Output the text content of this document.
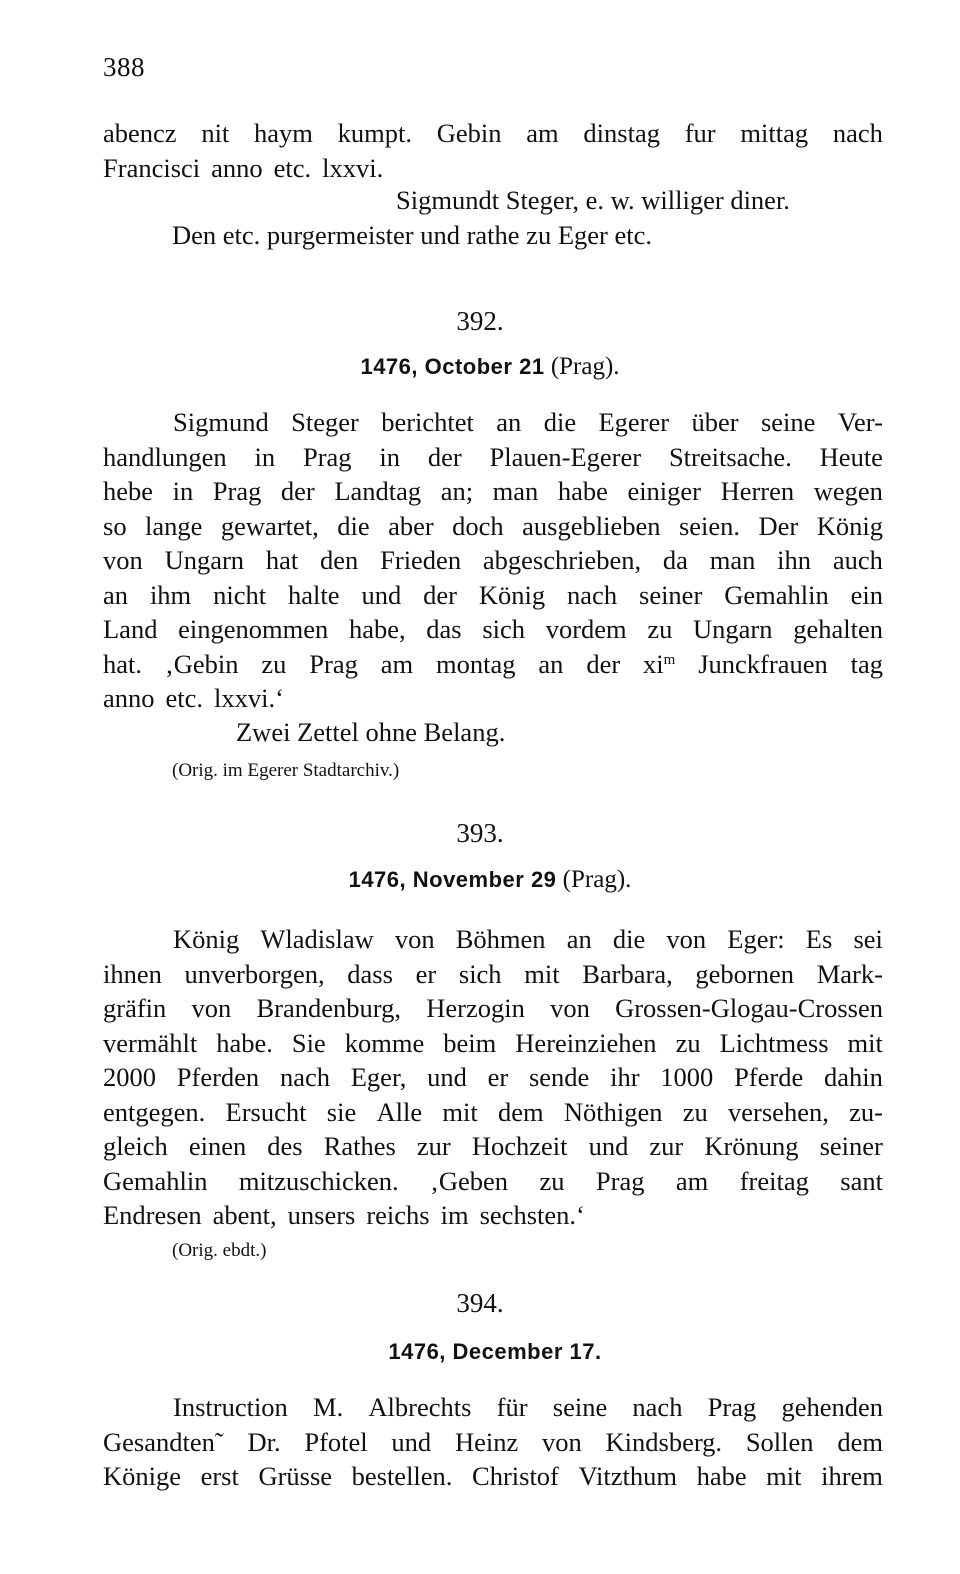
388
abencz nit haym kumpt. Gebin am dinstag fur mittag nach
Francisci anno etc. lxxvi.
Sigmundt Steger, e. w. williger diner.
Den etc. purgermeister und rathe zu Eger etc.
392.
1476, October 21 (Prag).
Sigmund Steger berichtet an die Egerer über seine Ver-
handlungen in Prag in der Plauen-Egerer Streitsache. Heute
hebe in Prag der Landtag an; man habe einiger Herren wegen
so lange gewartet, die aber doch ausgeblieben seien. Der König
von Ungarn hat den Frieden abgeschrieben, da man ihn auch
an ihm nicht halte und der König nach seiner Gemahlin ein
Land eingenommen habe, das sich vordem zu Ungarn gehalten
hat. ‚Gebin zu Prag am montag an der $xi^m$ Junckfrauen tag
anno etc. lxxvi.‘
Zwei Zettel ohne Belang.
(Orig. im Egerer Stadtarchiv.)
393.
1476, November 29 (Prag).
König Wladislaw von Böhmen an die von Eger: Es sei
ihnen unverborgen, dass er sich mit Barbara, gebornen Mark-
gräfin von Brandenburg, Herzogin von Grossen-Glogau-Crossen
vermählt habe. Sie komme beim Hereinziehen zu Lichtmess mit
2000 Pferden nach Eger, und er sende ihr 1000 Pferde dahin
entgegen. Ersucht sie Alle mit dem Nöthigen zu versehen, zu-
gleich einen des Rathes zur Hochzeit und zur Krönung seiner
Gemahlin mitzuschicken. ‚Geben zu Prag am freitag sant
Endresen abent, unsers reichs im sechsten.‘
(Orig. ebdt.)
394.
1476, December 17.
Instruction M. Albrechts für seine nach Prag gehenden
Gesandten˜ Dr. Pfotel und Heinz von Kindsberg. Sollen dem
Könige erst Grüsse bestellen. Christof Vitzthum habe mit ihrem
